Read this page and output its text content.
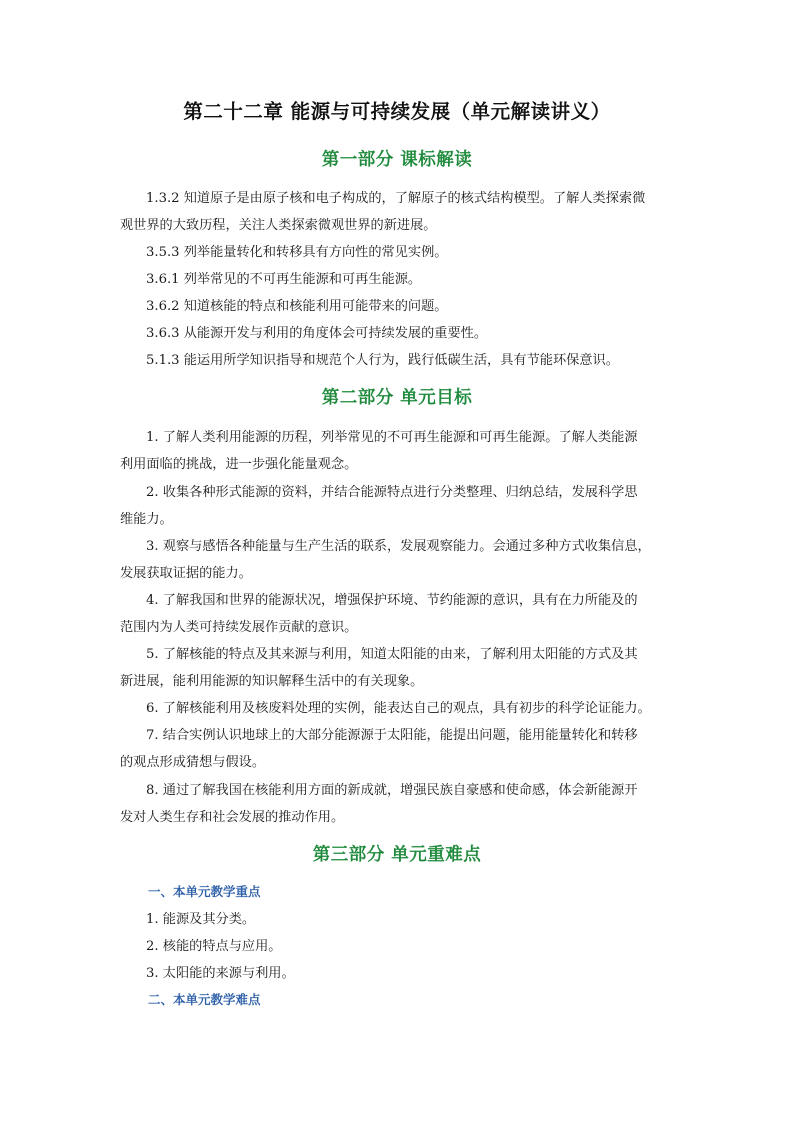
第二十二章 能源与可持续发展（单元解读讲义）
第一部分 课标解读
1.3.2 知道原子是由原子核和电子构成的，了解原子的核式结构模型。了解人类探索微
观世界的大致历程，关注人类探索微观世界的新进展。
3.5.3 列举能量转化和转移具有方向性的常见实例。
3.6.1 列举常见的不可再生能源和可再生能源。
3.6.2 知道核能的特点和核能利用可能带来的问题。
3.6.3 从能源开发与利用的角度体会可持续发展的重要性。
5.1.3 能运用所学知识指导和规范个人行为，践行低碳生活，具有节能环保意识。
第二部分 单元目标
1. 了解人类利用能源的历程，列举常见的不可再生能源和可再生能源。了解人类能源
利用面临的挑战，进一步强化能量观念。
2. 收集各种形式能源的资料，并结合能源特点进行分类整理、归纳总结，发展科学思
维能力。
3. 观察与感悟各种能量与生产生活的联系，发展观察能力。会通过多种方式收集信息，
发展获取证据的能力。
4. 了解我国和世界的能源状况，增强保护环境、节约能源的意识，具有在力所能及的
范围内为人类可持续发展作贡献的意识。
5. 了解核能的特点及其来源与利用，知道太阳能的由来，了解利用太阳能的方式及其
新进展，能利用能源的知识解释生活中的有关现象。
6. 了解核能利用及核废料处理的实例，能表达自己的观点，具有初步的科学论证能力。
7. 结合实例认识地球上的大部分能源源于太阳能，能提出问题，能用能量转化和转移
的观点形成猜想与假设。
8. 通过了解我国在核能利用方面的新成就，增强民族自豪感和使命感，体会新能源开
发对人类生存和社会发展的推动作用。
第三部分 单元重难点
一、本单元教学重点
1. 能源及其分类。
2. 核能的特点与应用。
3. 太阳能的来源与利用。
二、本单元教学难点
